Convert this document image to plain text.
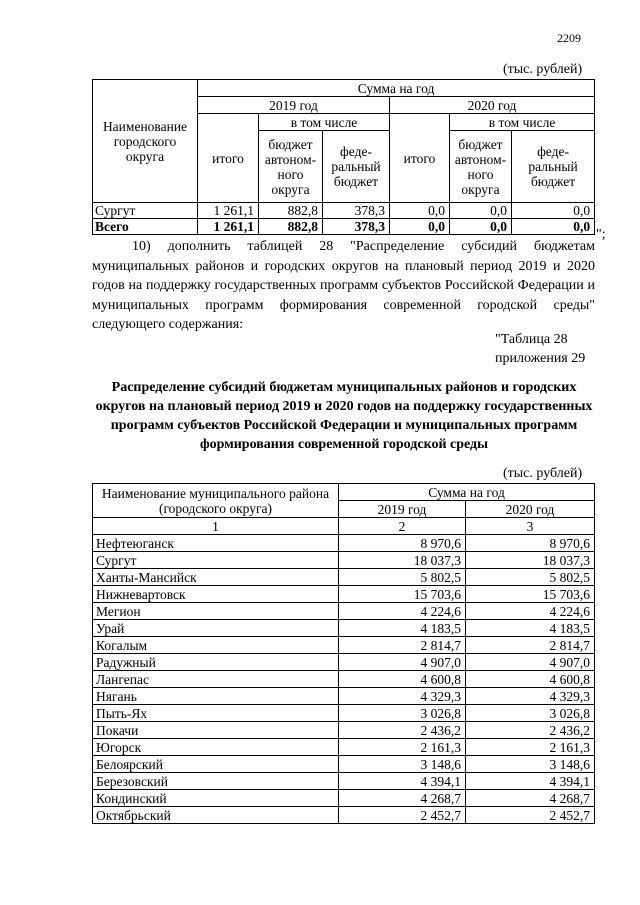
2209
(тыс. рублей)
Наименование городского округа	Сумма на год					
	2019 год			2020 год		
	итого	в том числе		итого	в том числе	
		бюджет автоном-ного округа	феде-ральный бюджет		бюджет автоном-ного округа	феде-ральный бюджет
Сургут	1 261,1	882,8	378,3	0,0	0,0	0,0
Всего	1 261,1	882,8	378,3	0,0	0,0	0,0
";
10) дополнить таблицей 28 "Распределение субсидий бюджетам муниципальных районов и городских округов на плановый период 2019 и 2020 годов на поддержку государственных программ субъектов Российской Федерации и муниципальных программ формирования современной городской среды" следующего содержания:
"Таблица 28
приложения 29
Распределение субсидий бюджетам муниципальных районов и городских округов на плановый период 2019 и 2020 годов на поддержку государственных программ субъектов Российской Федерации и муниципальных программ формирования современной городской среды
(тыс. рублей)
Наименование муниципального района (городского округа)	Сумма на год	
	2019 год	2020 год
1	2	3
Нефтеюганск	8 970,6	8 970,6
Сургут	18 037,3	18 037,3
Ханты-Мансийск	5 802,5	5 802,5
Нижневартовск	15 703,6	15 703,6
Мегион	4 224,6	4 224,6
Урай	4 183,5	4 183,5
Когалым	2 814,7	2 814,7
Радужный	4 907,0	4 907,0
Лангепас	4 600,8	4 600,8
Нягань	4 329,3	4 329,3
Пыть-Ях	3 026,8	3 026,8
Покачи	2 436,2	2 436,2
Югорск	2 161,3	2 161,3
Белоярский	3 148,6	3 148,6
Березовский	4 394,1	4 394,1
Кондинский	4 268,7	4 268,7
Октябрьский	2 452,7	2 452,7
